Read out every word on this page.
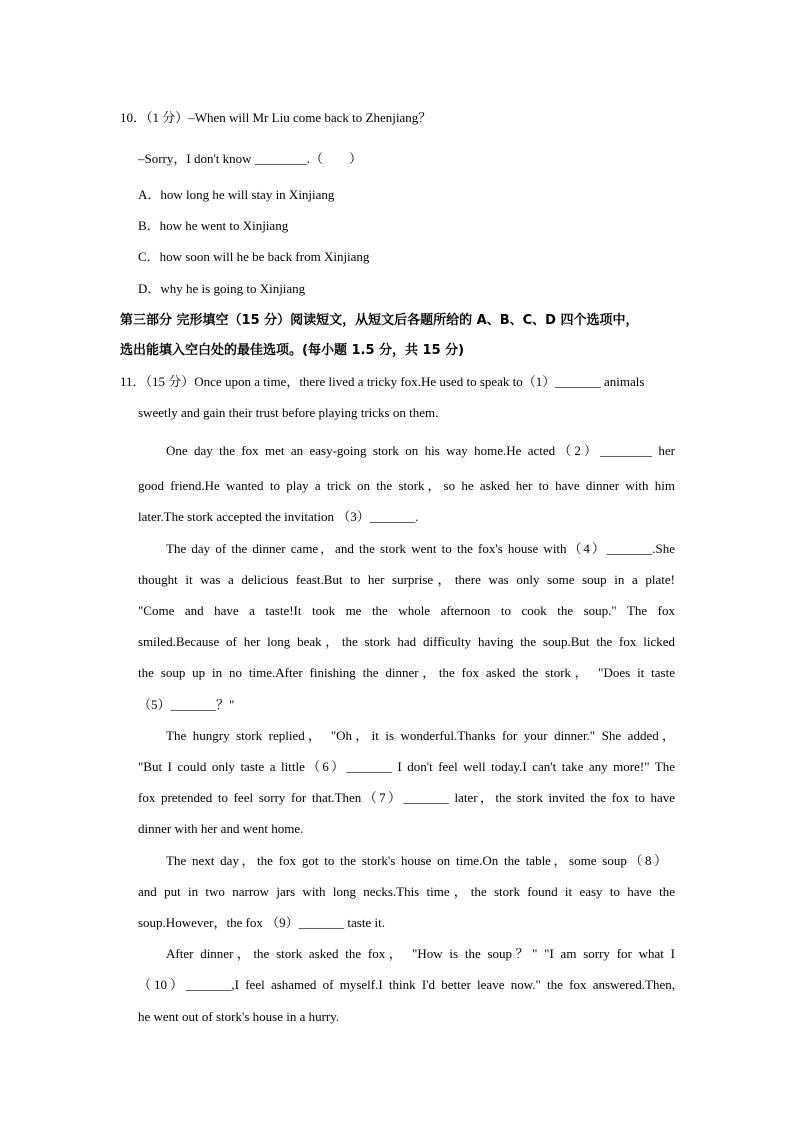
10．（1 分）–When will Mr Liu come back to Zhenjiang？
–Sorry，I don't know ________.（　　）
A．how long he will stay in Xinjiang
B．how he went to Xinjiang
C．how soon will he be back from Xinjiang
D．why he is going to Xinjiang
第三部分 完形填空（15 分）阅读短文，从短文后各题所给的 A、B、C、D 四个选项中，
选出能填入空白处的最佳选项。(每小题 1.5 分，共 15 分)
11．（15 分）Once upon a time，there lived a tricky fox.He used to speak to（1）_______ animals
sweetly and gain their trust before playing tricks on them.
One day the fox met an easy-going stork on his way home.He acted（2）________ her
good friend.He wanted to play a trick on the stork，so he asked her to have dinner with him
later.The stork accepted the invitation （3）_______.
The day of the dinner came，and the stork went to the fox's house with（4）_______.She
thought it was a delicious feast.But to her surprise，there was only some soup in a plate!
"Come and have a taste!It took me the whole afternoon to cook the soup." The fox
smiled.Because of her long beak，the stork had difficulty having the soup.But the fox licked
the soup up in no time.After finishing the dinner，the fox asked the stork， "Does it taste
（5）_______？"
The hungry stork replied， "Oh，it is wonderful.Thanks for your dinner." She added，
"But I could only taste a little（6）_______ I don't feel well today.I can't take any more!" The
fox pretended to feel sorry for that.Then（7）_______ later，the stork invited the fox to have
dinner with her and went home.
The next day，the fox got to the stork's house on time.On the table，some soup（8）
and put in two narrow jars with long necks.This time，the stork found it easy to have the
soup.However，the fox （9）_______ taste it.
After dinner，the stork asked the fox， "How is the soup？" "I am sorry for what I
（10）_______,I feel ashamed of myself.I think I'd better leave now." the fox answered.Then,
he went out of stork's house in a hurry.
